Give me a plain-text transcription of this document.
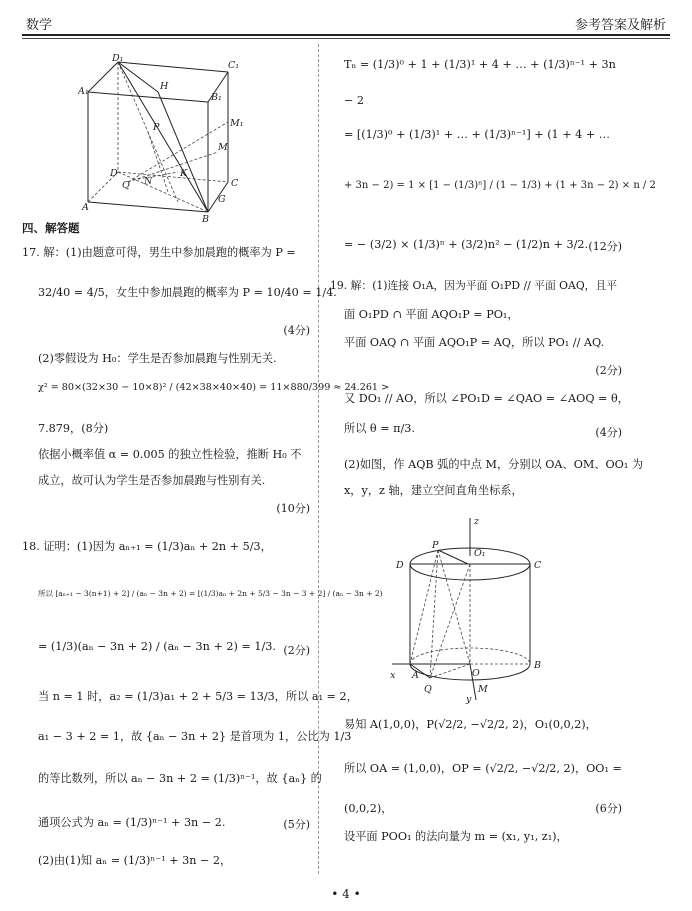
数学	参考答案及解析
D₁
C₁
A₁	H
B₁
P	M₁
M
D
Q N
K
C
A
B
G
四、解答题
17. 解：(1)由题意可得，男生中参加晨跑的概率为 P =
32/40 = 4/5，女生中参加晨跑的概率为 P = 10/40 = 1/4.
(4分)
(2)零假设为 H₀：学生是否参加晨跑与性别无关.
χ² = 80×(32×30 − 10×8)² / (42×38×40×40) = 11×880/399 ≈ 24.261 >
7.879，(8分)
依据小概率值 α = 0.005 的独立性检验，推断 H₀ 不
成立，故可认为学生是否参加晨跑与性别有关.
(10分)
18. 证明：(1)因为 aₙ₊₁ = (1/3)aₙ + 2n + 5/3，
所以 [aₙ₊₁ − 3(n+1) + 2] / (aₙ − 3n + 2) = [(1/3)aₙ + 2n + 5/3 − 3n − 3 + 2] / (aₙ − 3n + 2)
= (1/3)(aₙ − 3n + 2) / (aₙ − 3n + 2) = 1/3. (2分)
当 n = 1 时，a₂ = (1/3)a₁ + 2 + 5/3 = 13/3，所以 a₁ = 2，
a₁ − 3 + 2 = 1，故 {aₙ − 3n + 2} 是首项为 1，公比为 1/3
的等比数列，所以 aₙ − 3n + 2 = (1/3)ⁿ⁻¹，故 {aₙ} 的
通项公式为 aₙ = (1/3)ⁿ⁻¹ + 3n − 2.	(5分)
(2)由(1)知 aₙ = (1/3)ⁿ⁻¹ + 3n − 2，
Tₙ = (1/3)⁰ + 1 + (1/3)¹ + 4 + … + (1/3)ⁿ⁻¹ + 3n
− 2
= [(1/3)⁰ + (1/3)¹ + … + (1/3)ⁿ⁻¹] + (1 + 4 + …
+ 3n − 2) = 1 × [1 − (1/3)ⁿ] / (1 − 1/3) + (1 + 3n − 2) × n / 2
= − (3/2) × (1/3)ⁿ + (3/2)n² − (1/2)n + 3/2. (12分)
19. 解：(1)连接 O₁A，因为平面 O₁PD // 平面 OAQ，且平
面 O₁PD ∩ 平面 AQO₁P = PO₁，
平面 OAQ ∩ 平面 AQO₁P = AQ，所以 PO₁ // AQ.
(2分)
又 DO₁ // AO，所以 ∠PO₁D = ∠QAO = ∠AOQ = θ，
所以 θ = π/3.	(4分)
(2)如图，作 AQB 弧的中点 M，分别以 OA、OM、OO₁ 为
x，y，z 轴，建立空间直角坐标系，
z
P
O₁
D	C
x A	O
B
Q	M
y
易知 A(1,0,0)，P(√2/2, −√2/2, 2)，O₁(0,0,2)，
所以 OA = (1,0,0)，OP = (√2/2, −√2/2, 2)，OO₁ =
(0,0,2)，	(6分)
设平面 POO₁ 的法向量为 m = (x₁, y₁, z₁)，
• 4 •
